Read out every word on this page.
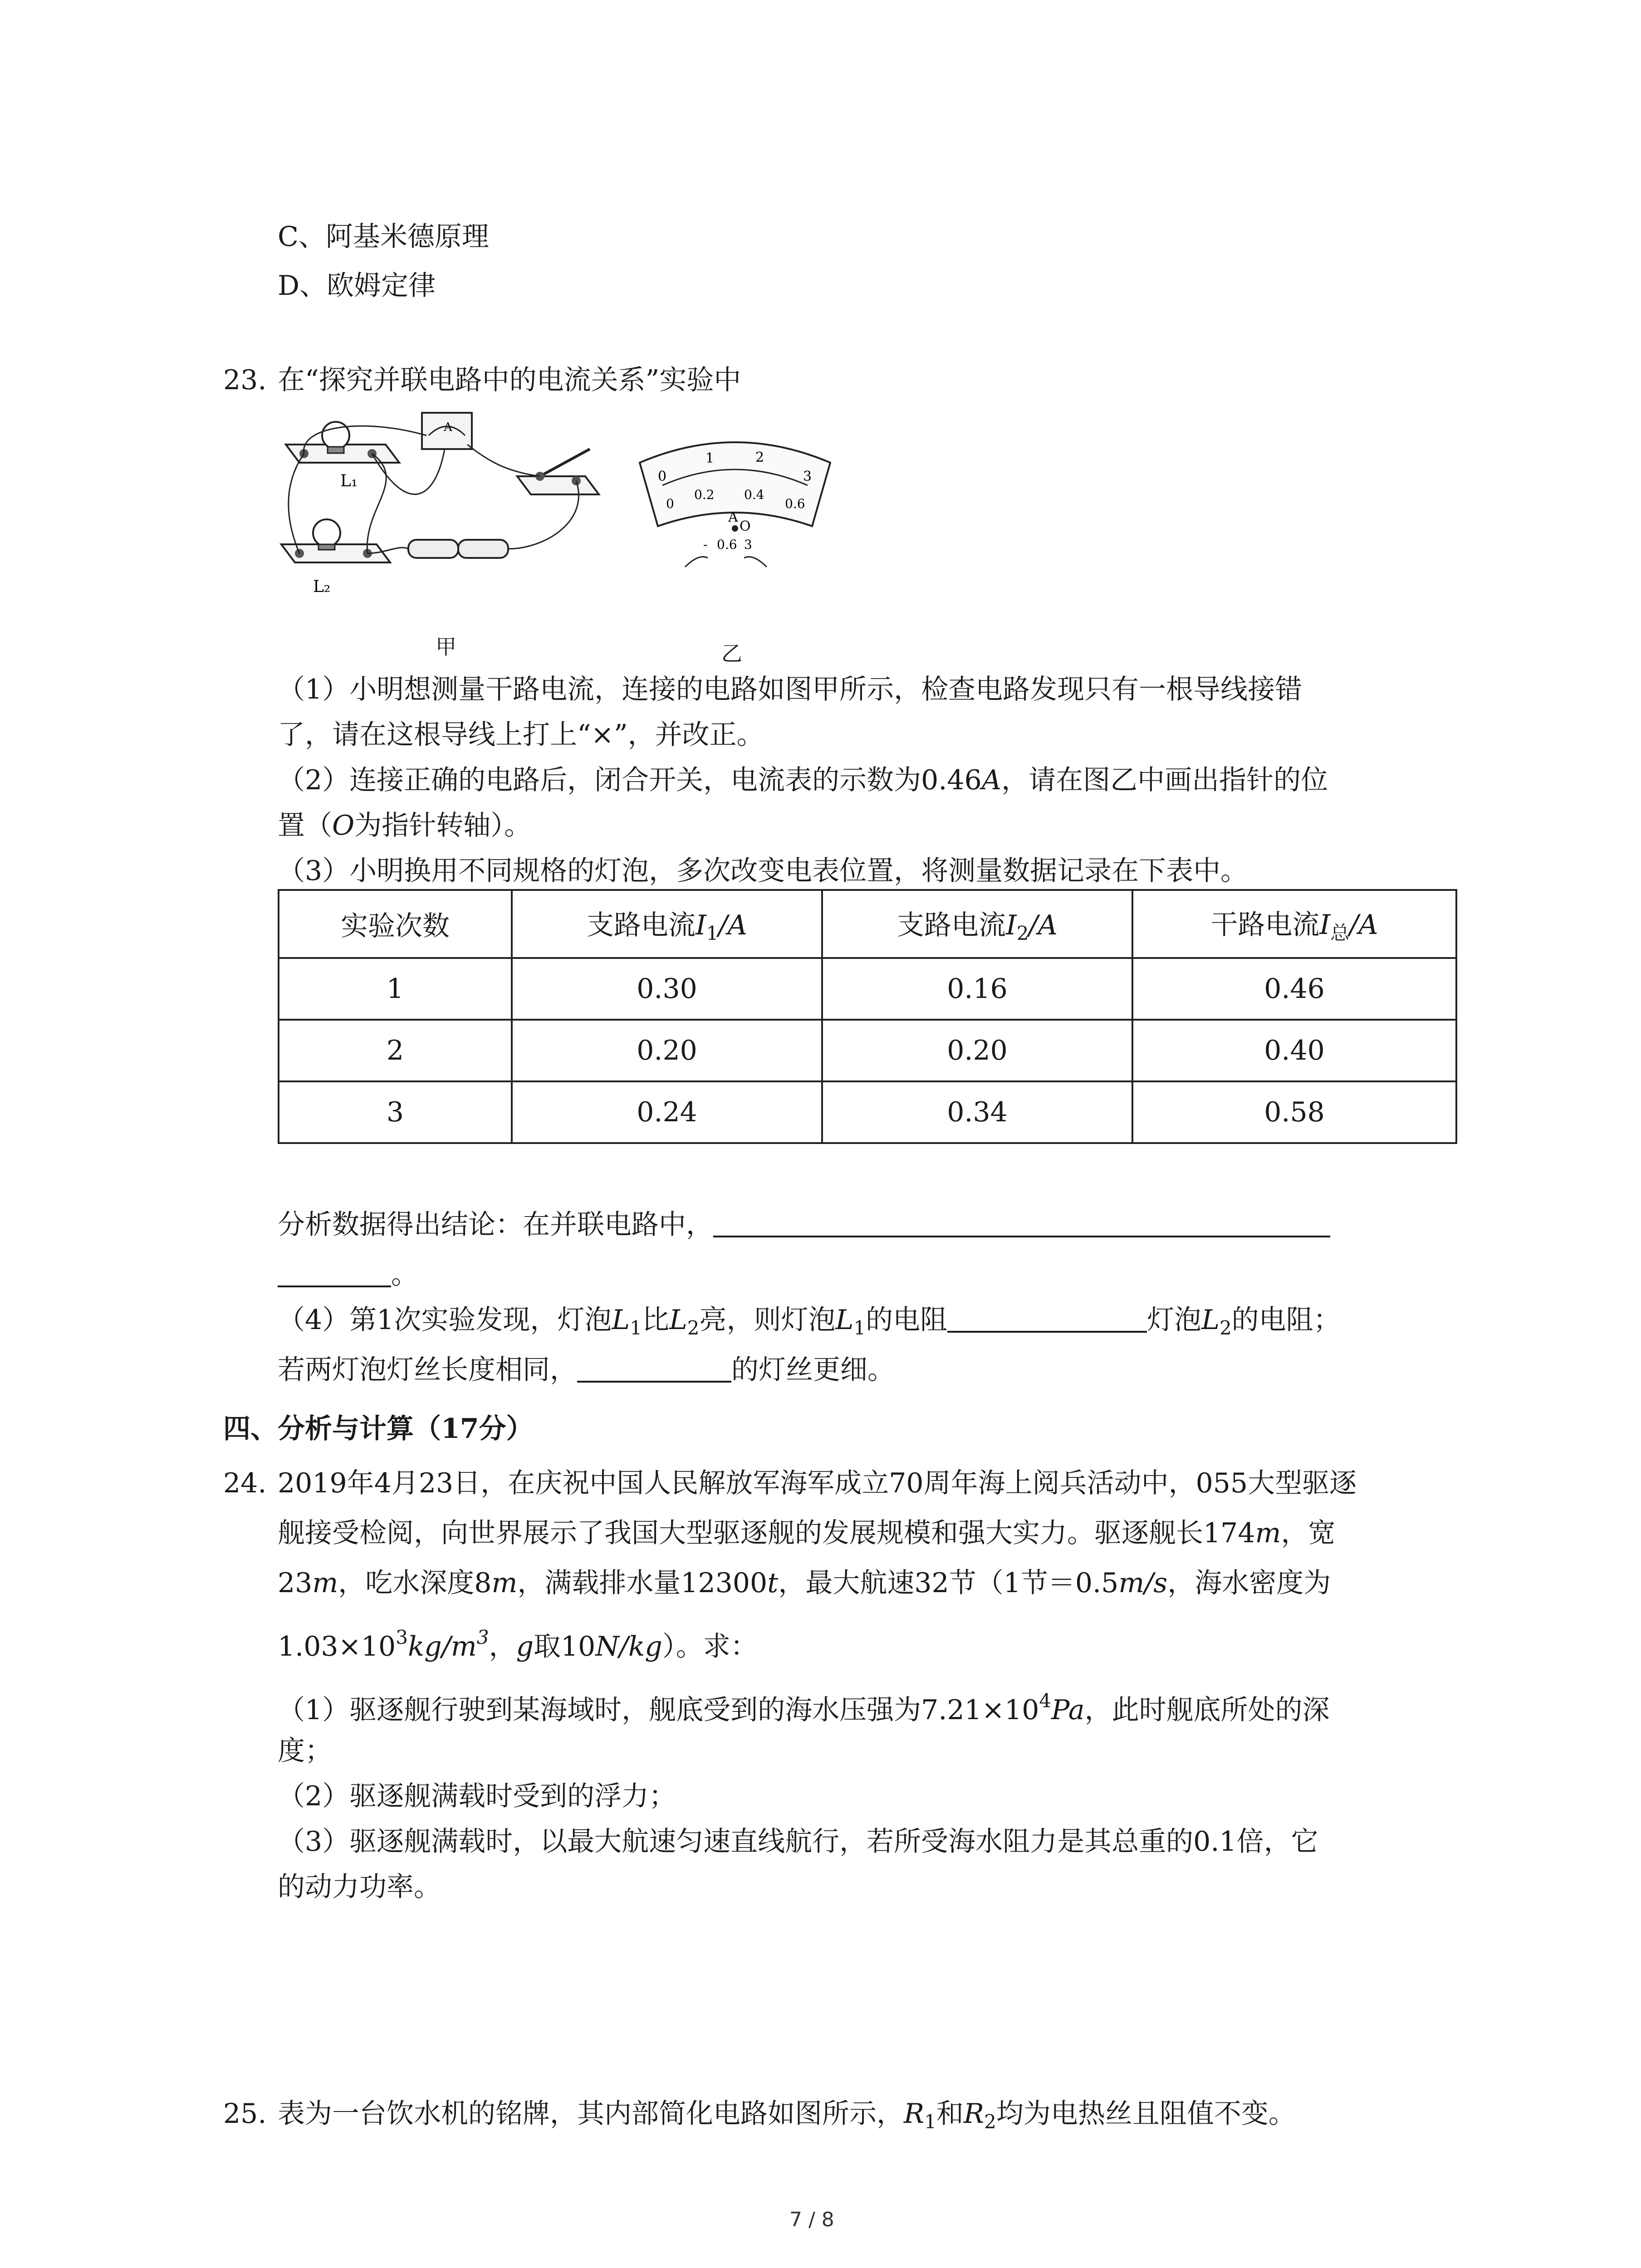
C、阿基米德原理
D、欧姆定律
23. 在“探究并联电路中的电流关系”实验中
L₁
A
L₂
0
1	2
3
0
0.2 0.4
0.6
A
O
- 0.6 3
甲	乙
（1）小明想测量干路电流，连接的电路如图甲所示，检查电路发现只有一根导线接错
了，请在这根导线上打上“×”，并改正。
（2）连接正确的电路后，闭合开关，电流表的示数为0.46A，请在图乙中画出指针的位
置（O为指针转轴）。
（3）小明换用不同规格的灯泡，多次改变电表位置，将测量数据记录在下表中。
实验次数	支路电流$I_1/A$	支路电流$I_2/A$	干路电流$I_总/A$
1	0.30	0.16	0.46
2	0.20	0.20	0.40
3	0.24	0.34	0.58
分析数据得出结论：在并联电路中，
。
（4）第1次实验发现，灯泡$L_1$比$L_2$亮，则灯泡$L_1$的电阻	灯泡$L_2$的电阻；
若两灯泡灯丝长度相同，	的灯丝更细。
四、分析与计算（17分）
24. 2019年4月23日，在庆祝中国人民解放军海军成立70周年海上阅兵活动中，055大型驱逐
舰接受检阅，向世界展示了我国大型驱逐舰的发展规模和强大实力。驱逐舰长174m，宽
23m，吃水深度8m，满载排水量12300t，最大航速32节（1节＝0.5m/s，海水密度为
$1.03\times 10^3kg/m^3$，g取10N/kg）。求：
（1）驱逐舰行驶到某海域时，舰底受到的海水压强为$7.21\times 10^4Pa$，此时舰底所处的深
度；
（2）驱逐舰满载时受到的浮力；
（3）驱逐舰满载时，以最大航速匀速直线航行，若所受海水阻力是其总重的0.1倍，它
的动力功率。
25. 表为一台饮水机的铭牌，其内部简化电路如图所示，$R_1$和$R_2$均为电热丝且阻值不变。
7 / 8
